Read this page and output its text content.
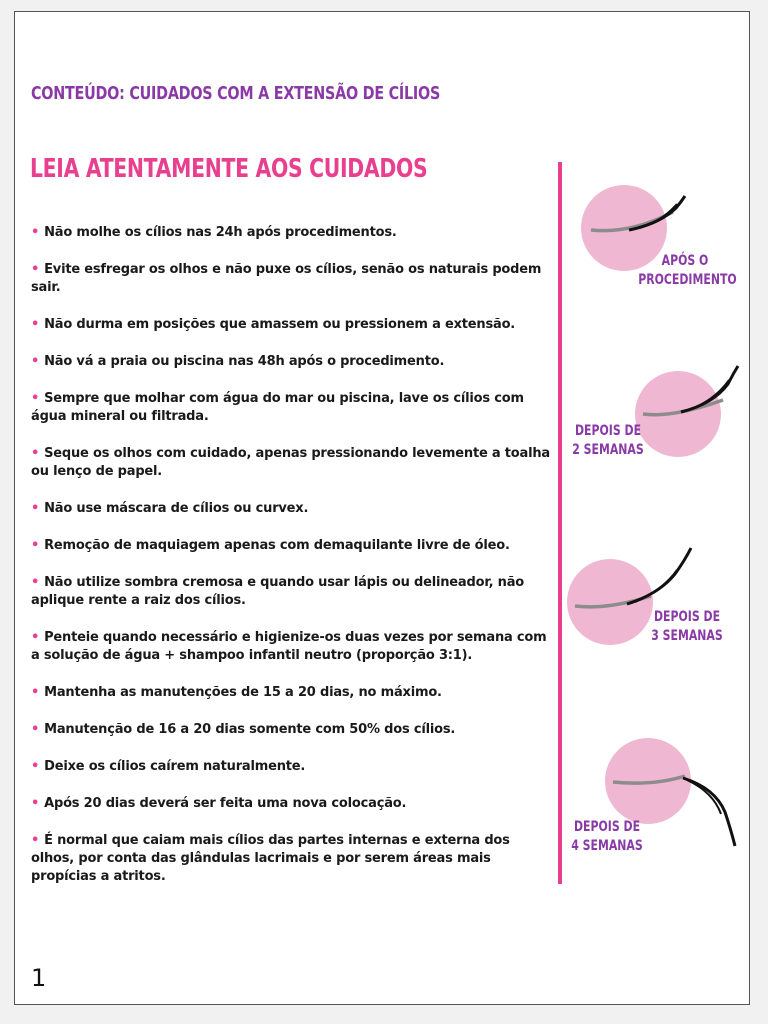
CONTEÚDO: CUIDADOS COM A EXTENSÃO DE CÍLIOS
LEIA ATENTAMENTE AOS CUIDADOS
• Não molhe os cílios nas 24h após procedimentos.
• Evite esfregar os olhos e não puxe os cílios, senão os naturais podem sair.
• Não durma em posições que amassem ou pressionem a extensão.
• Não vá a praia ou piscina nas 48h após o procedimento.
• Sempre que molhar com água do mar ou piscina, lave os cílios com água mineral ou filtrada.
• Seque os olhos com cuidado, apenas pressionando levemente a toalha ou lenço de papel.
• Não use máscara de cílios ou curvex.
• Remoção de maquiagem apenas com demaquilante livre de óleo.
• Não utilize sombra cremosa e quando usar lápis ou delineador, não aplique rente a raiz dos cílios.
• Penteie quando necessário e higienize-os duas vezes por semana com a solução de água + shampoo infantil neutro (proporção 3:1).
• Mantenha as manutenções de 15 a 20 dias, no máximo.
• Manutenção de 16 a 20 dias somente com 50% dos cílios.
• Deixe os cílios caírem naturalmente.
• Após 20 dias deverá ser feita uma nova colocação.
• É normal que caiam mais cílios das partes internas e externa dos olhos, por conta das glândulas lacrimais e por serem áreas mais propícias a atritos.
APÓS O
PROCEDIMENTO
DEPOIS DE
2 SEMANAS
DEPOIS DE
3 SEMANAS
DEPOIS DE
4 SEMANAS
1
